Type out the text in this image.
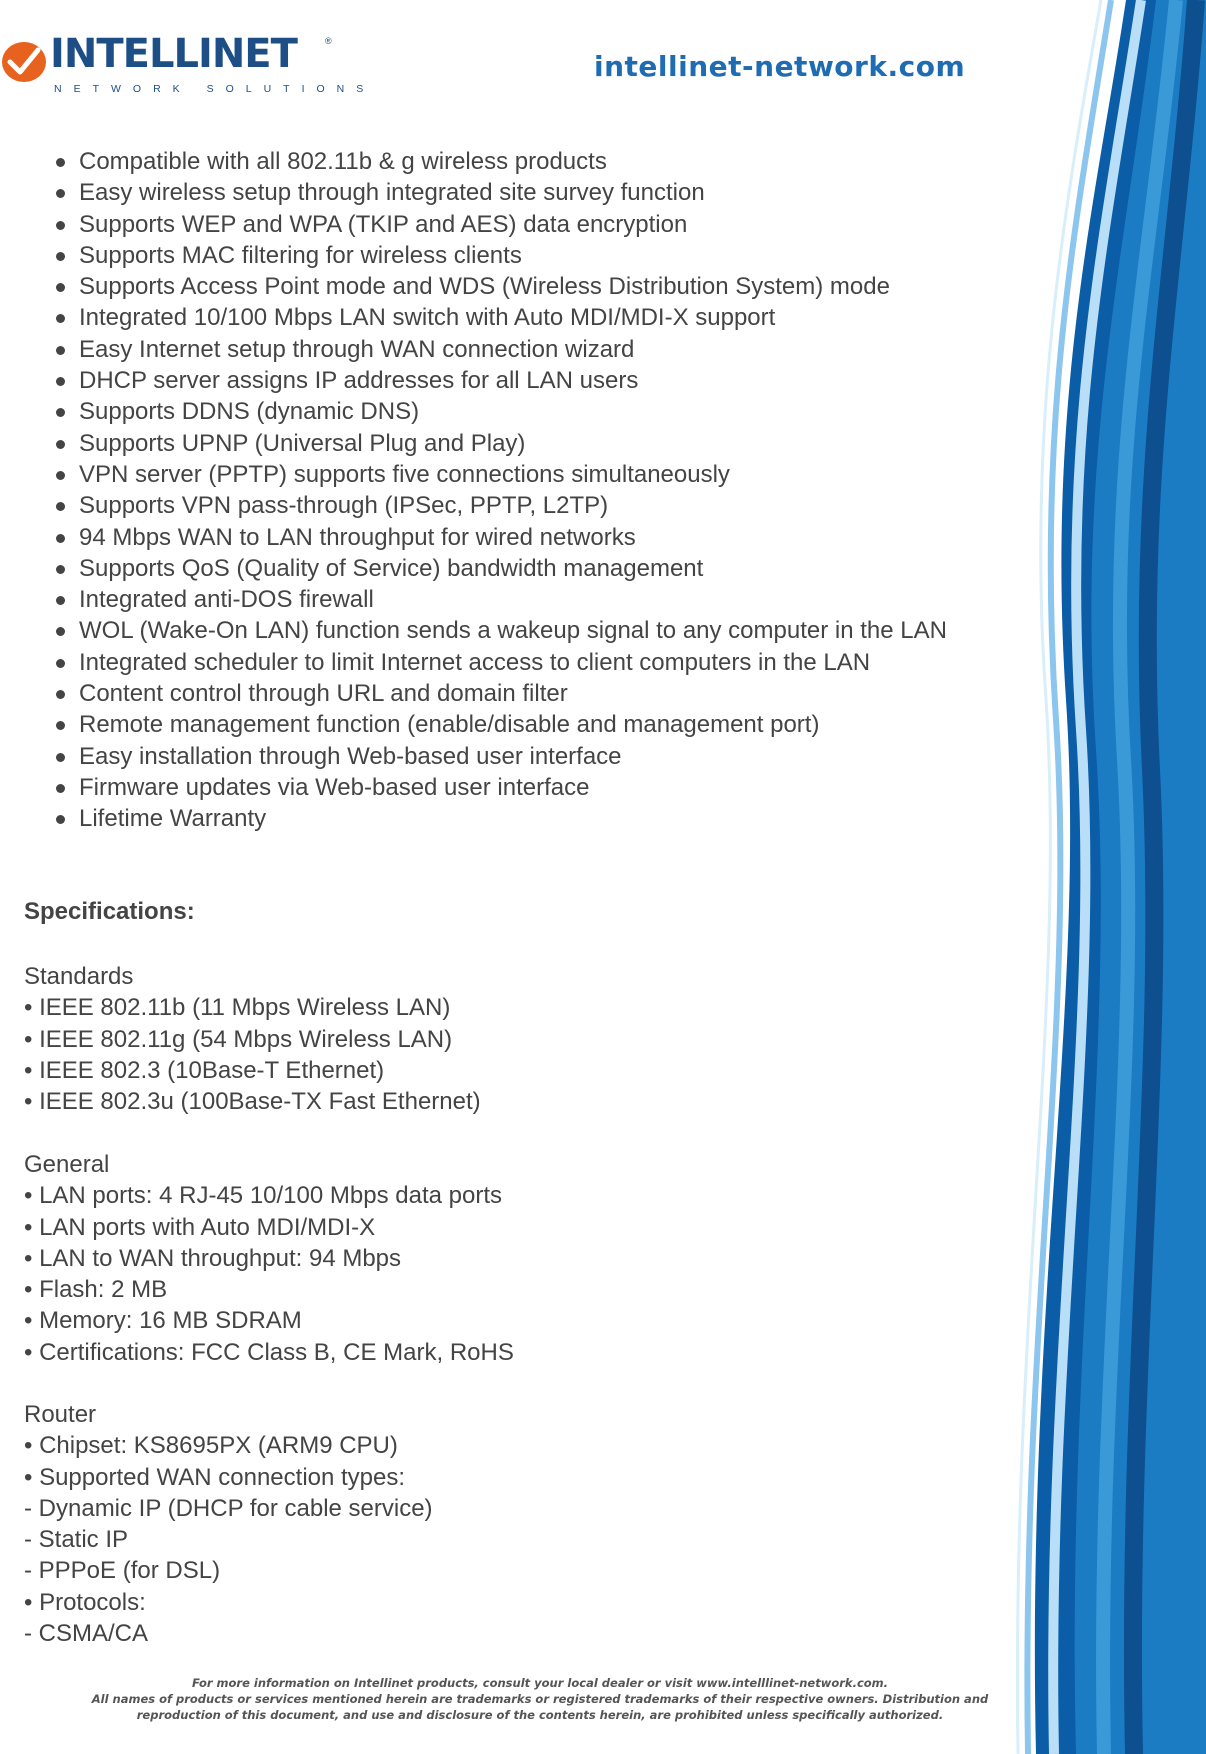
INTELLINET	®
NETWORK SOLUTIONS
intellinet-network.com
Compatible with all 802.11b & g wireless products
Easy wireless setup through integrated site survey function
Supports WEP and WPA (TKIP and AES) data encryption
Supports MAC filtering for wireless clients
Supports Access Point mode and WDS (Wireless Distribution System) mode
Integrated 10/100 Mbps LAN switch with Auto MDI/MDI-X support
Easy Internet setup through WAN connection wizard
DHCP server assigns IP addresses for all LAN users
Supports DDNS (dynamic DNS)
Supports UPNP (Universal Plug and Play)
VPN server (PPTP) supports five connections simultaneously
Supports VPN pass-through (IPSec, PPTP, L2TP)
94 Mbps WAN to LAN throughput for wired networks
Supports QoS (Quality of Service) bandwidth management
Integrated anti-DOS firewall
WOL (Wake-On LAN) function sends a wakeup signal to any computer in the LAN
Integrated scheduler to limit Internet access to client computers in the LAN
Content control through URL and domain filter
Remote management function (enable/disable and management port)
Easy installation through Web-based user interface
Firmware updates via Web-based user interface
Lifetime Warranty
Specifications:
Standards
• IEEE 802.11b (11 Mbps Wireless LAN)
• IEEE 802.11g (54 Mbps Wireless LAN)
• IEEE 802.3 (10Base-T Ethernet)
• IEEE 802.3u (100Base-TX Fast Ethernet)
General
• LAN ports: 4 RJ-45 10/100 Mbps data ports
• LAN ports with Auto MDI/MDI-X
• LAN to WAN throughput: 94 Mbps
• Flash: 2 MB
• Memory: 16 MB SDRAM
• Certifications: FCC Class B, CE Mark, RoHS
Router
• Chipset: KS8695PX (ARM9 CPU)
• Supported WAN connection types:
- Dynamic IP (DHCP for cable service)
- Static IP
- PPPoE (for DSL)
• Protocols:
- CSMA/CA
For more information on Intellinet products, consult your local dealer or visit www.intelllinet-network.com.
All names of products or services mentioned herein are trademarks or registered trademarks of their respective owners. Distribution and
reproduction of this document, and use and disclosure of the contents herein, are prohibited unless specifically authorized.
